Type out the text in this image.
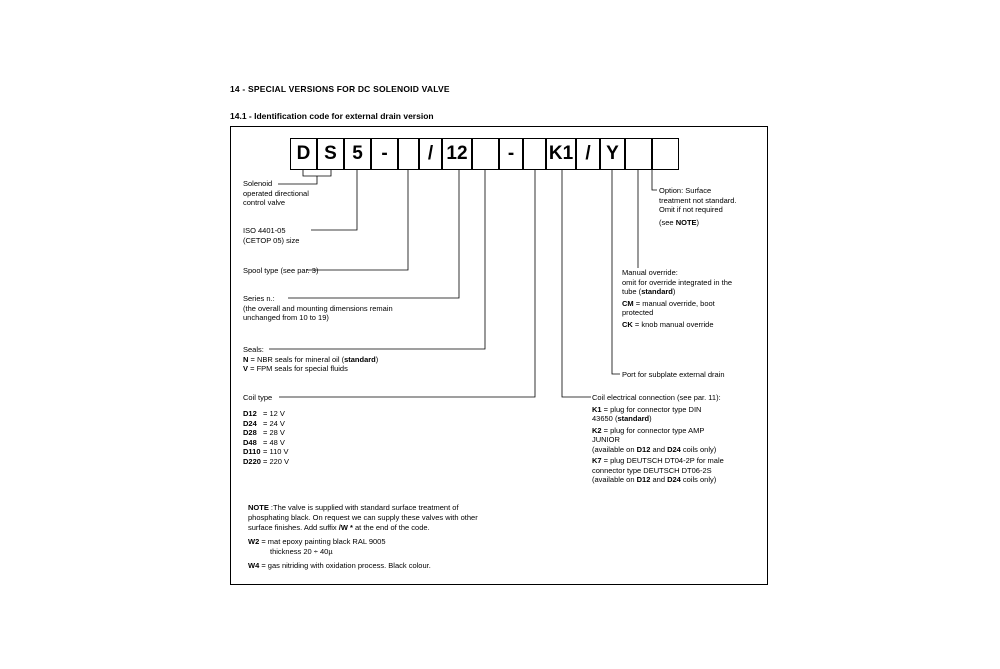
14 - SPECIAL VERSIONS FOR DC SOLENOID VALVE
14.1 - Identification code for external drain version
D S 5 -	/ 12	-	K1 / Y
Solenoid
operated directional
control valve
ISO 4401-05
(CETOP 05) size
Spool type (see par. 3)
Series n.:
(the overall and mounting dimensions remain
unchanged from 10 to 19)
Seals:
N = NBR seals for mineral oil (standard)
V = FPM seals for special fluids
Coil type
D12 = 12 V
D24 = 24 V
D28 = 28 V
D48 = 48 V
D110 = 110 V
D220 = 220 V
Option: Surface
treatment not standard.
Omit if not required
(see NOTE)
Manual override:
omit for override integrated in the
tube (standard)
CM = manual override, boot
protected
CK = knob manual override
Port for subplate external drain
Coil electrical connection (see par. 11):
K1 = plug for connector type DIN
43650 (standard)
K2 = plug for connector type AMP
JUNIOR
(available on D12 and D24 coils only)
K7 = plug DEUTSCH DT04-2P for male
connector type DEUTSCH DT06-2S
(available on D12 and D24 coils only)
NOTE :The valve is supplied with standard surface treatment of
phosphating black. On request we can supply these valves with other
surface finishes. Add suffix /W * at the end of the code.
W2 = mat epoxy painting black RAL 9005
thickness 20 ÷ 40µ
W4 = gas nitriding with oxidation process. Black colour.
